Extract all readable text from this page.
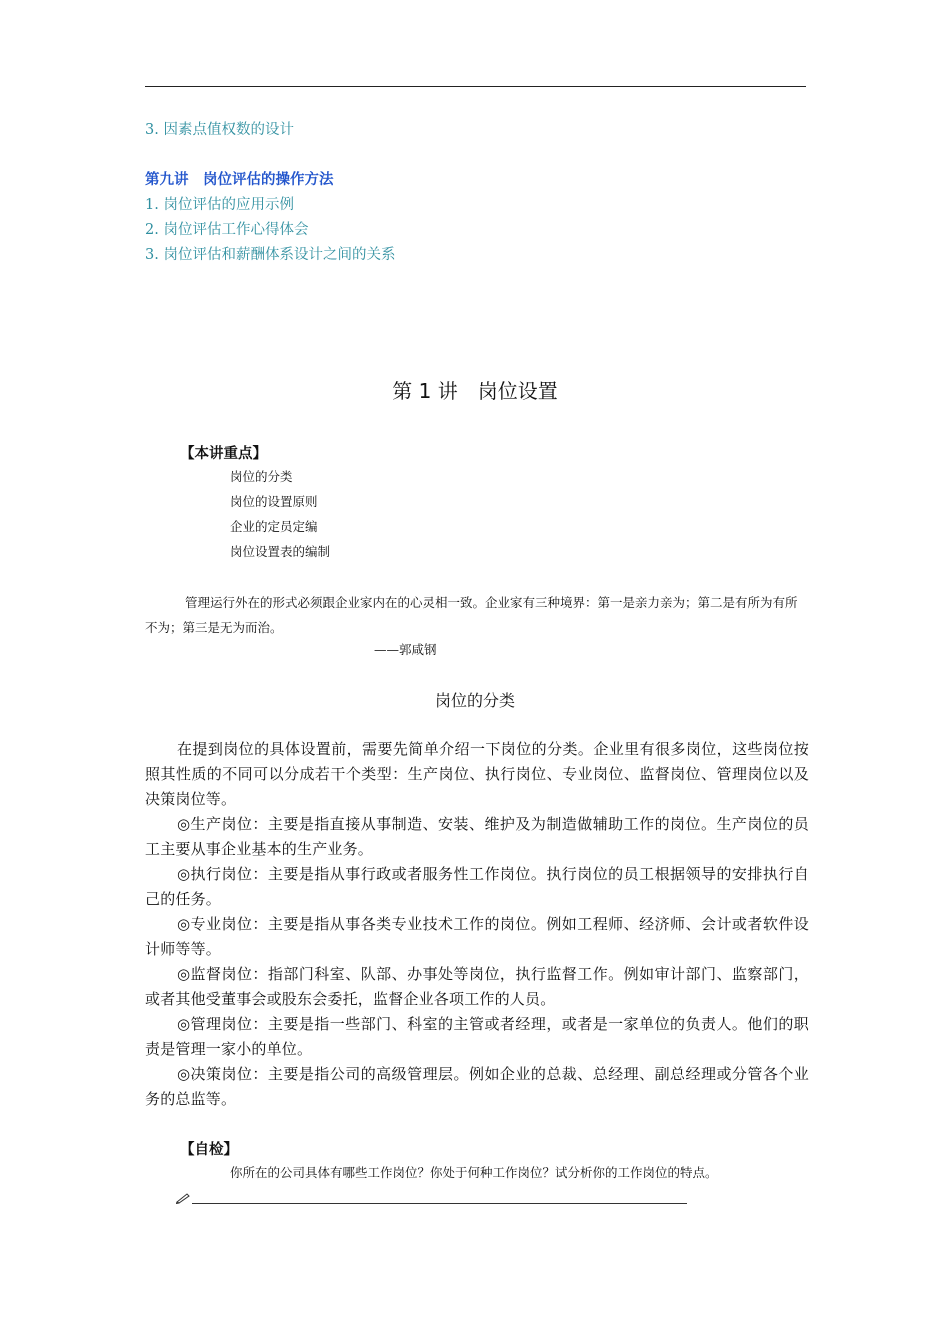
3. 因素点值权数的设计
第九讲　岗位评估的操作方法
1. 岗位评估的应用示例
2. 岗位评估工作心得体会
3. 岗位评估和薪酬体系设计之间的关系
第 1 讲　岗位设置
【本讲重点】
岗位的分类
岗位的设置原则
企业的定员定编
岗位设置表的编制
管理运行外在的形式必须跟企业家内在的心灵相一致。企业家有三种境界：第一是亲力亲为；第二是有所为有所不为；第三是无为而治。
——郭咸钢
岗位的分类

在提到岗位的具体设置前，需要先简单介绍一下岗位的分类。企业里有很多岗位，这些岗位按照其性质的不同可以分成若干个类型：生产岗位、执行岗位、专业岗位、监督岗位、管理岗位以及决策岗位等。

◎生产岗位：主要是指直接从事制造、安装、维护及为制造做辅助工作的岗位。生产岗位的员工主要从事企业基本的生产业务。

◎执行岗位：主要是指从事行政或者服务性工作岗位。执行岗位的员工根据领导的安排执行自己的任务。

◎专业岗位：主要是指从事各类专业技术工作的岗位。例如工程师、经济师、会计或者软件设计师等等。

◎监督岗位：指部门科室、队部、办事处等岗位，执行监督工作。例如审计部门、监察部门，或者其他受董事会或股东会委托，监督企业各项工作的人员。

◎管理岗位：主要是指一些部门、科室的主管或者经理，或者是一家单位的负责人。他们的职责是管理一家小的单位。

◎决策岗位：主要是指公司的高级管理层。例如企业的总裁、总经理、副总经理或分管各个业务的总监等。

【自检】
你所在的公司具体有哪些工作岗位？你处于何种工作岗位？试分析你的工作岗位的特点。
